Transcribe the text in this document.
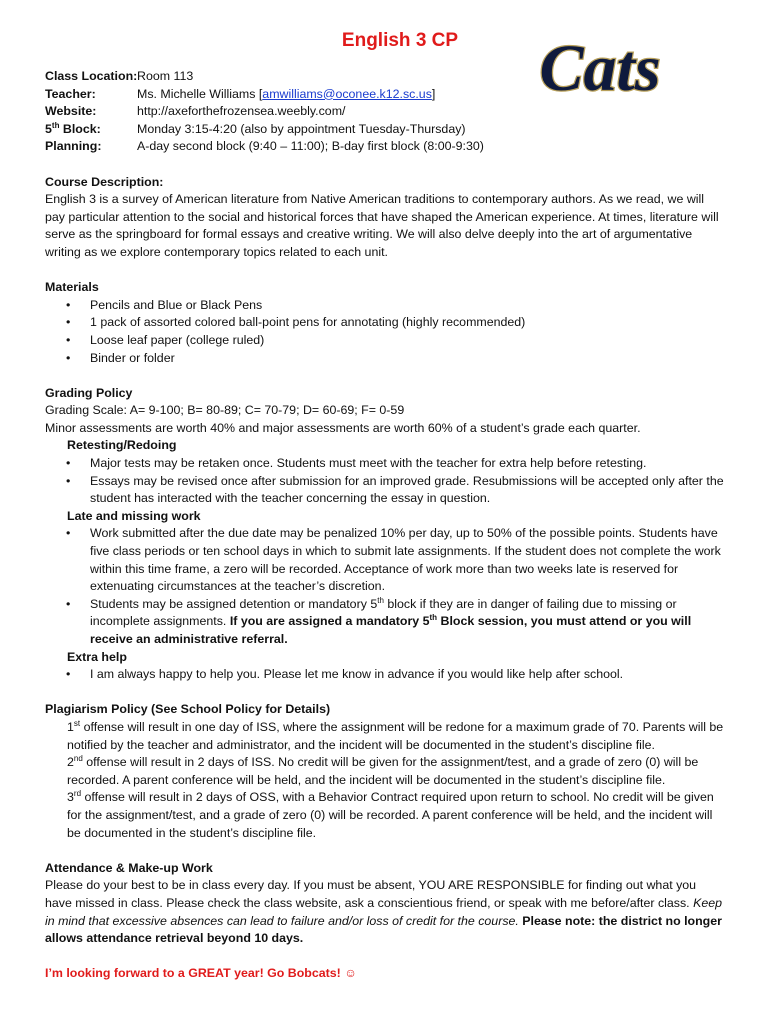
Cats
English 3 CP
Class Location: Room 113
Teacher:	Ms. Michelle Williams [amwilliams@oconee.k12.sc.us]
Website:	http://axeforthefrozensea.weebly.com/
5th Block:	Monday 3:15-4:20 (also by appointment Tuesday-Thursday)
Planning:	A-day second block (9:40 – 11:00); B-day first block (8:00-9:30)
Course Description:

English 3 is a survey of American literature from Native American traditions to contemporary authors. As we read, we will pay particular attention to the social and historical forces that have shaped the American experience. At times, literature will serve as the springboard for formal essays and creative writing. We will also delve deeply into the art of argumentative writing as we explore contemporary topics related to each unit.

Materials
• Pencils and Blue or Black Pens
• 1 pack of assorted colored ball-point pens for annotating (highly recommended)
• Loose leaf paper (college ruled)
• Binder or folder
Grading Policy

Grading Scale: A= 9-100; B= 80-89; C= 70-79; D= 60-69; F= 0-59

Minor assessments are worth 40% and major assessments are worth 60% of a student’s grade each quarter.

Retesting/Redoing
• Major tests may be retaken once. Students must meet with the teacher for extra help before retesting.
• Essays may be revised once after submission for an improved grade. Resubmissions will be accepted only after the student has interacted with the teacher concerning the essay in question.
Late and missing work
• Work submitted after the due date may be penalized 10% per day, up to 50% of the possible points. Students have five class periods or ten school days in which to submit late assignments. If the student does not complete the work within this time frame, a zero will be recorded. Acceptance of work more than two weeks late is reserved for extenuating circumstances at the teacher’s discretion.
• Students may be assigned detention or mandatory 5th block if they are in danger of failing due to missing or incomplete assignments. If you are assigned a mandatory 5th Block session, you must attend or you will receive an administrative referral.
Extra help
• I am always happy to help you. Please let me know in advance if you would like help after school.
Plagiarism Policy (See School Policy for Details)

1st offense will result in one day of ISS, where the assignment will be redone for a maximum grade of 70. Parents will be notified by the teacher and administrator, and the incident will be documented in the student’s discipline file.

2nd offense will result in 2 days of ISS. No credit will be given for the assignment/test, and a grade of zero (0) will be recorded. A parent conference will be held, and the incident will be documented in the student’s discipline file.

3rd offense will result in 2 days of OSS, with a Behavior Contract required upon return to school. No credit will be given for the assignment/test, and a grade of zero (0) will be recorded. A parent conference will be held, and the incident will be documented in the student’s discipline file.

Attendance & Make-up Work

Please do your best to be in class every day. If you must be absent, YOU ARE RESPONSIBLE for finding out what you have missed in class. Please check the class website, ask a conscientious friend, or speak with me before/after class. Keep in mind that excessive absences can lead to failure and/or loss of credit for the course. Please note: the district no longer allows attendance retrieval beyond 10 days.

I’m looking forward to a GREAT year! Go Bobcats! ☺
